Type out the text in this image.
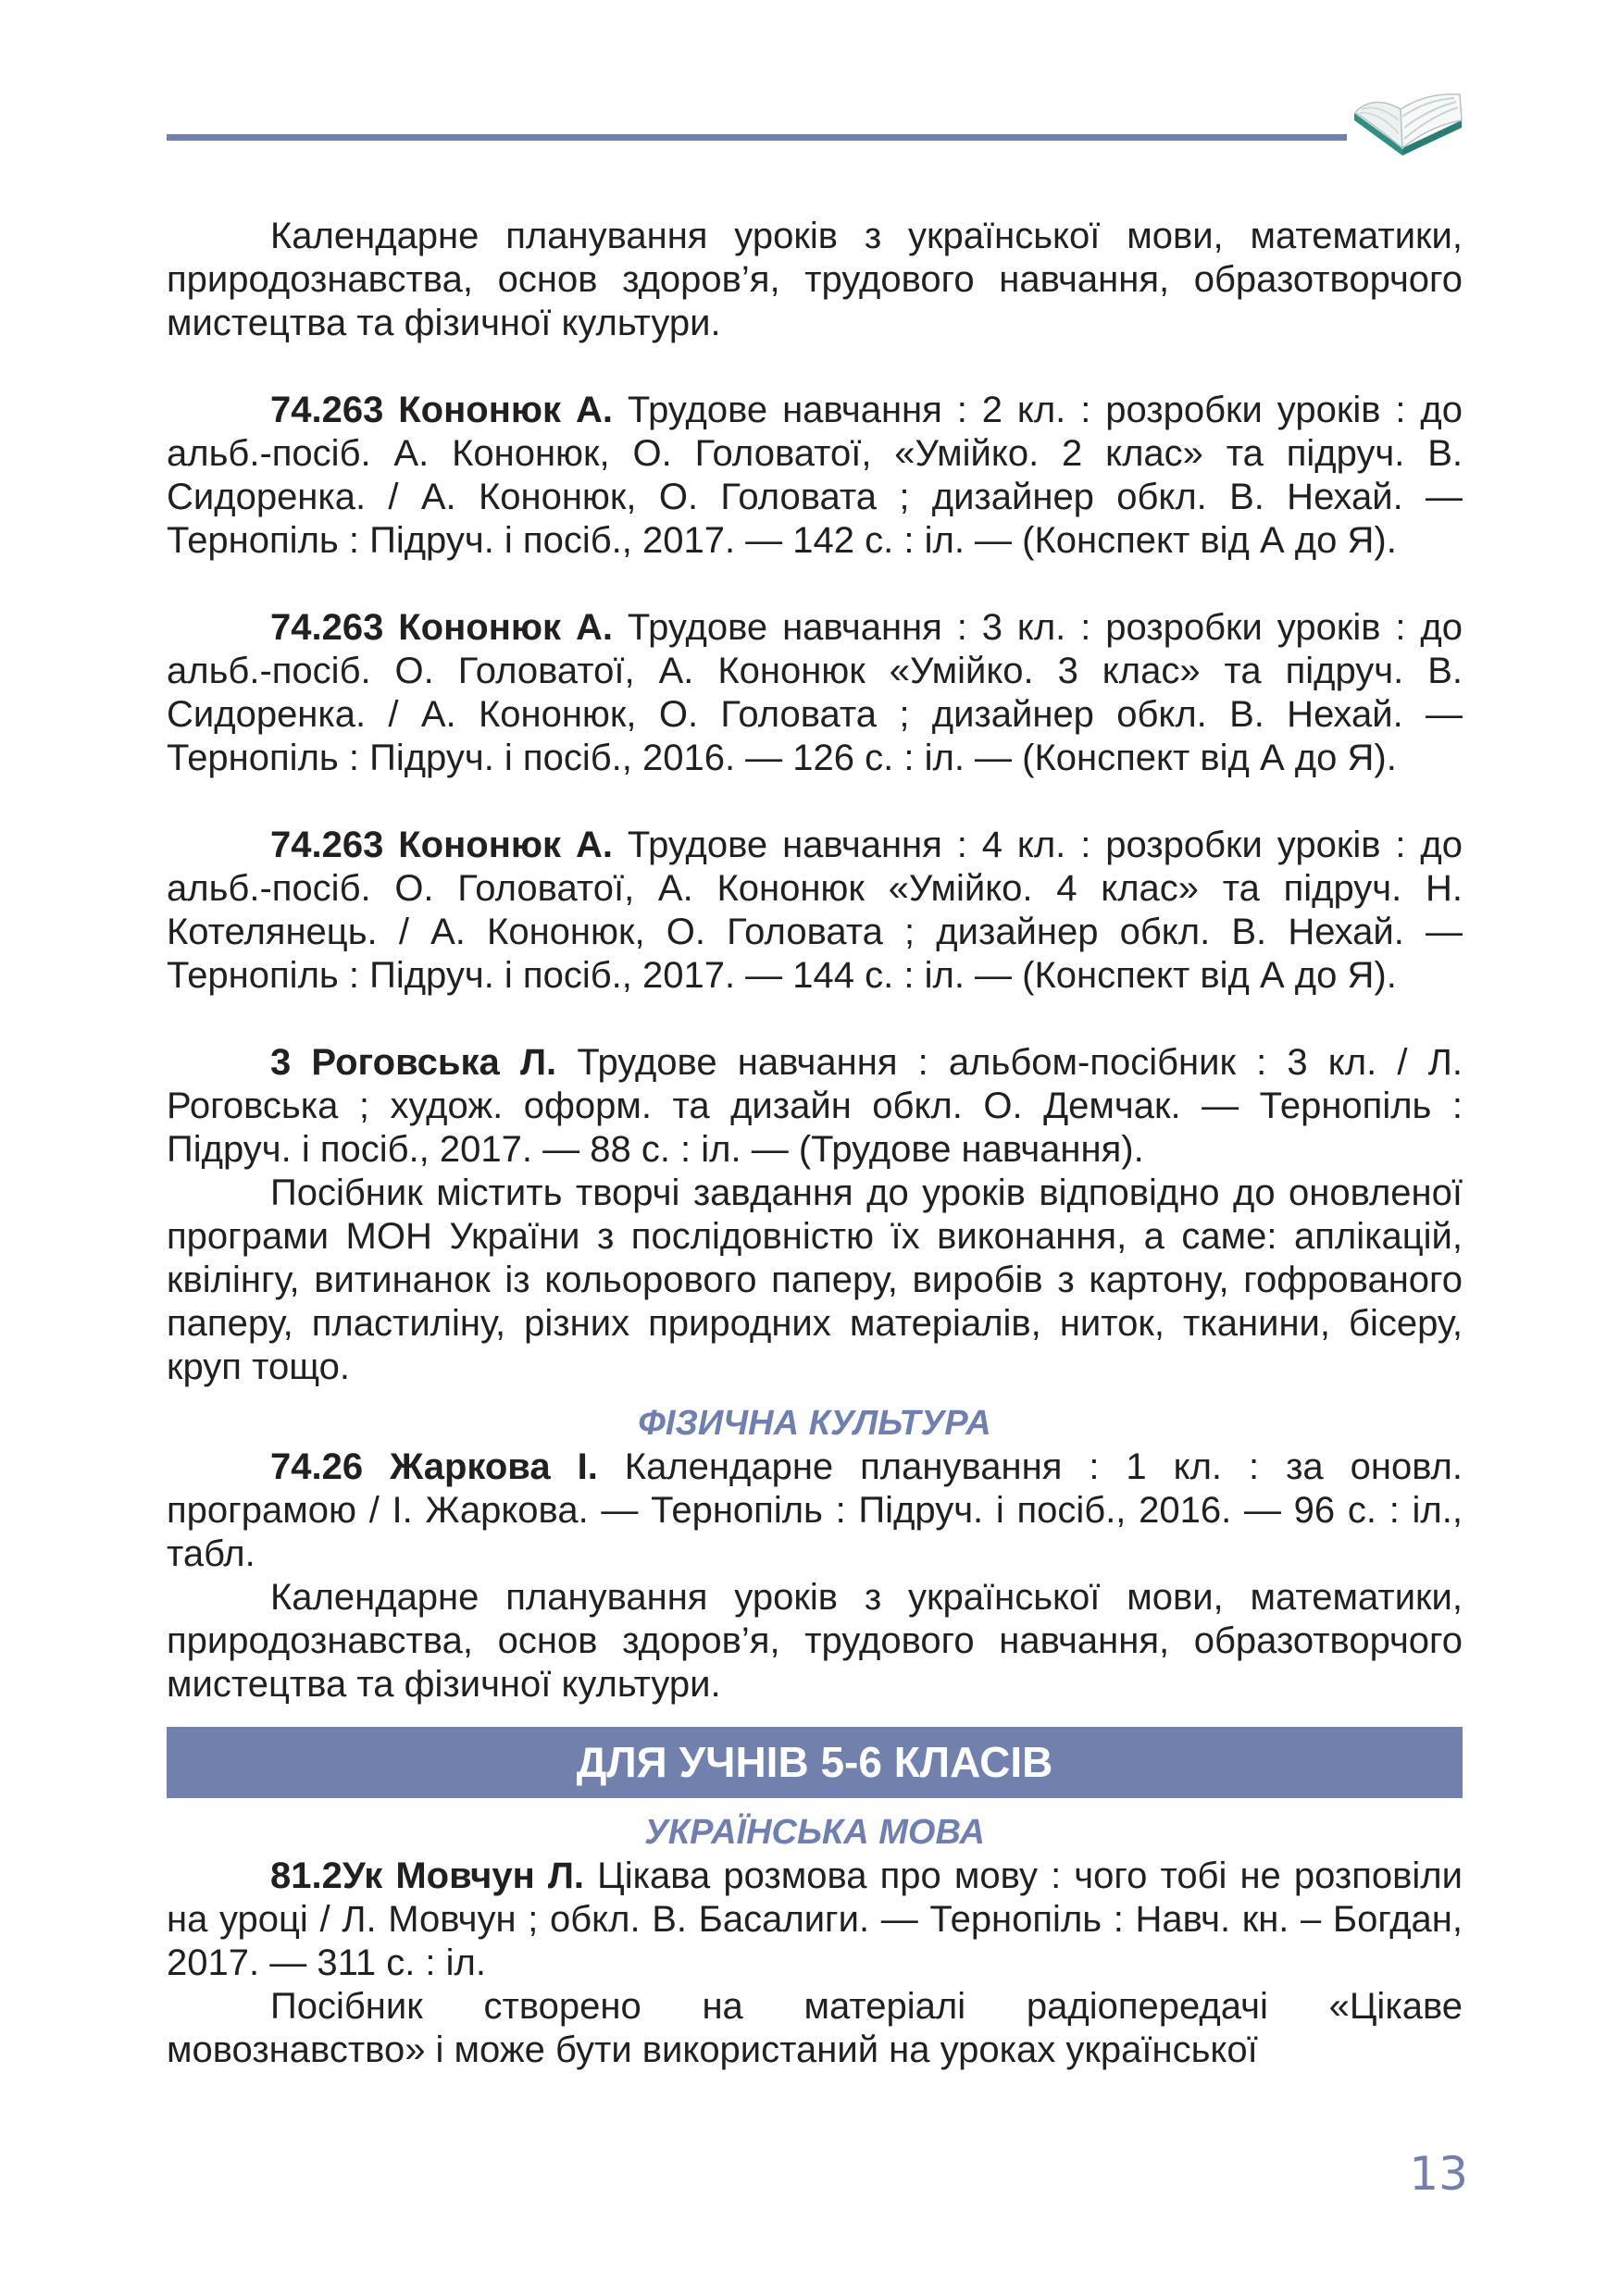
Календарне планування уроків з української мови, математики, природознавства, основ здоров’я, трудового навчання, образотворчого мистецтва та фізичної культури.

74.263 Кононюк А. Трудове навчання : 2 кл. : розробки уроків : до альб.-посіб. А. Кононюк, О. Головатої, «Умійко. 2 клас» та підруч. В. Сидоренка. / А. Кононюк, О. Головата ; дизайнер обкл. В. Нехай. — Тернопіль : Підруч. і посіб., 2017. — 142 с. : іл. — (Конспект від А до Я).

74.263 Кононюк А. Трудове навчання : 3 кл. : розробки уроків : до альб.-посіб. О. Головатої, А. Кононюк «Умійко. 3 клас» та підруч. В. Сидоренка. / А. Кононюк, О. Головата ; дизайнер обкл. В. Нехай. — Тернопіль : Підруч. і посіб., 2016. — 126 с. : іл. — (Конспект від А до Я).

74.263 Кононюк А. Трудове навчання : 4 кл. : розробки уроків : до альб.-посіб. О. Головатої, А. Кононюк «Умійко. 4 клас» та підруч. Н. Котелянець. / А. Кононюк, О. Головата ; дизайнер обкл. В. Нехай. — Тернопіль : Підруч. і посіб., 2017. — 144 с. : іл. — (Конспект від А до Я).

3 Роговська Л. Трудове навчання : альбом-посібник : 3 кл. / Л. Роговська ; худож. оформ. та дизайн обкл. О. Демчак. — Тернопіль : Підруч. і посіб., 2017. — 88 с. : іл. — (Трудове навчання).

Посібник містить творчі завдання до уроків відповідно до оновленої програми МОН України з послідовністю їх виконання, а саме: аплікацій, квілінгу, витинанок із кольорового паперу, виробів з картону, гофрованого паперу, пластиліну, різних природних матеріалів, ниток, тканини, бісеру, круп тощо.

ФІЗИЧНА КУЛЬТУРА

74.26 Жаркова І. Календарне планування : 1 кл. : за оновл. програмою / І. Жаркова. — Тернопіль : Підруч. і посіб., 2016. — 96 с. : іл., табл.

Календарне планування уроків з української мови, математики, природознавства, основ здоров’я, трудового навчання, образотворчого мистецтва та фізичної культури.

ДЛЯ УЧНІВ 5-6 КЛАСІВ
УКРАЇНСЬКА МОВА

81.2Ук Мовчун Л. Цікава розмова про мову : чого тобі не розповіли на уроці / Л. Мовчун ; обкл. В. Басалиги. — Тернопіль : Навч. кн. – Богдан, 2017. — 311 с. : іл.

Посібник створено на матеріалі радіопередачі «Цікаве мовознавство» і може бути використаний на уроках української

13
